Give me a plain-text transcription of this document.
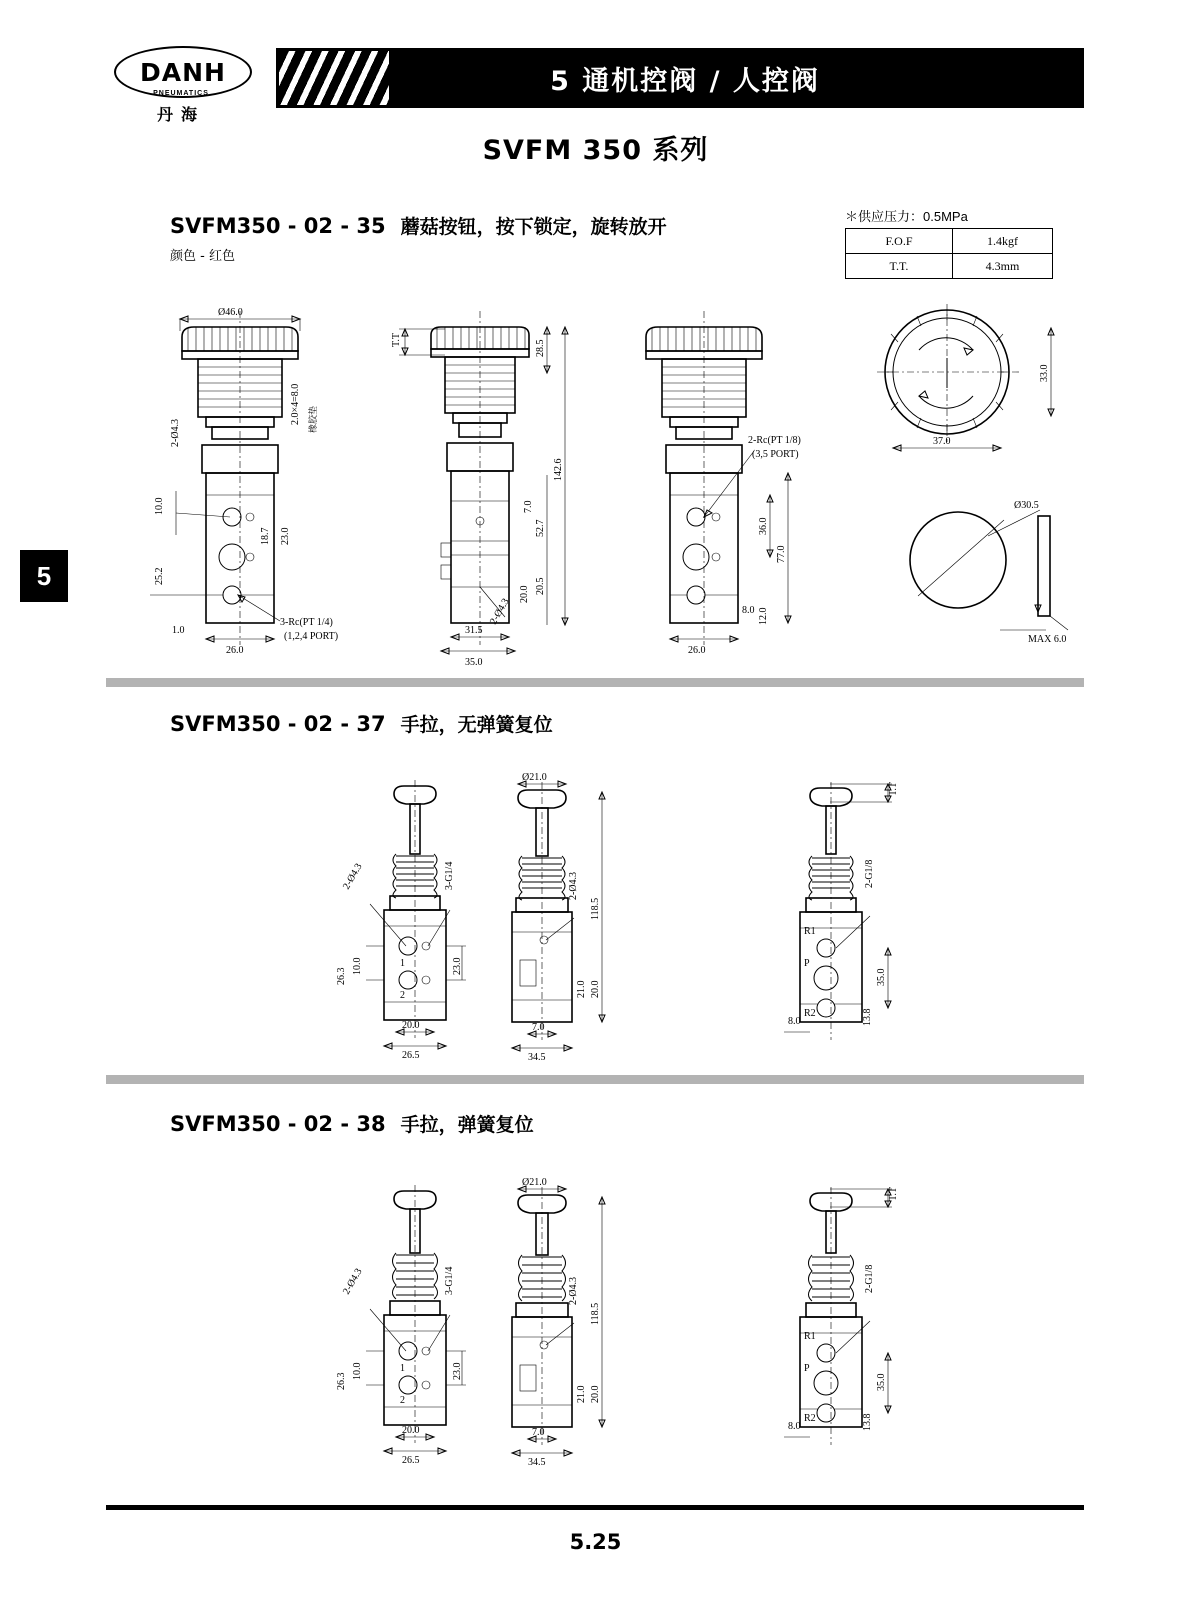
DANH
PNEUMATICS
丹海
5 通机控阀 / 人控阀
SVFM 350 系列
5
＊供应压力：0.5MPa
F.O.F	1.4kgf
T.T.	4.3mm
SVFM350 - 02 - 35 蘑菇按钮，按下锁定，旋转放开
颜色 - 红色
Ø46.0
2-Ø4.3
10.0
25.2
18.7 23.0
2.0×4=8.0 橡胶垫
26.0
1.0
3-Rc(PT 1/4)
(1,2,4 PORT)
T.T	28.5
142.6
52.7
7.0
20.5
20.0
2-Ø4.3
31.5
35.0
2-Rc(PT 1/8)
(3,5 PORT)
36.0
77.0
12.0
8.0
26.0
33.0
37.0
Ø30.5
MAX 6.0
SVFM350 - 02 - 37 手拉，无弹簧复位
1
2
2-Ø4.3	3-G1/4
26.3
10.0	23.0
20.0
26.5
Ø21.0
2-Ø4.3
118.5
21.0 20.0
7.0
34.5
T.T
R1
P
R2
2-G1/8
35.0
13.8
8.0
SVFM350 - 02 - 38 手拉，弹簧复位
1
2
2-Ø4.3	3-G1/4
26.3
10.0	23.0
20.0
26.5
Ø21.0
2-Ø4.3
118.5
21.0 20.0
7.0
34.5
T.T
R1
P
R2
2-G1/8
35.0
13.8
8.0
5.25
